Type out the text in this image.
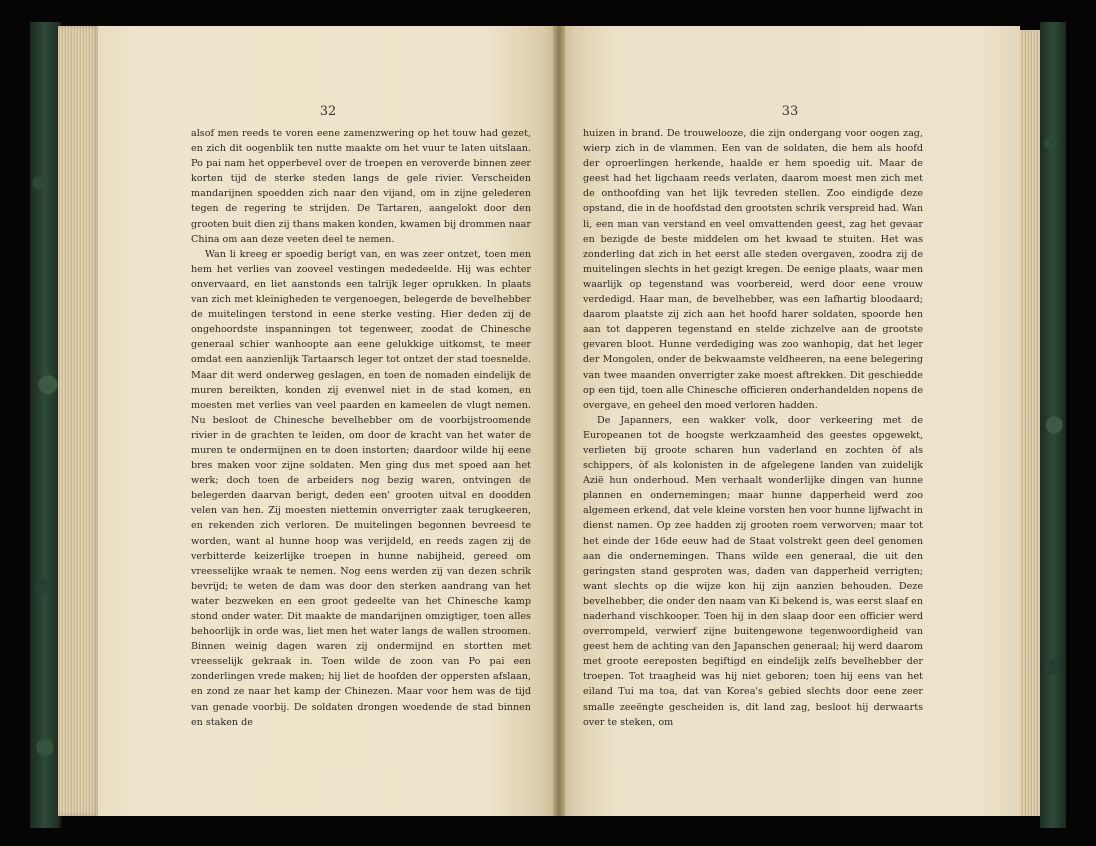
32

alsof men reeds te voren eene zamenzwering op het touw had gezet, en zich dit oogenblik ten nutte maakte om het vuur te laten uitslaan. Po pai nam het opperbevel over de troepen en veroverde binnen zeer korten tijd de sterke steden langs de gele rivier. Verscheiden mandarijnen spoedden zich naar den vijand, om in zijne gelederen tegen de regering te strijden. De Tartaren, aangelokt door den grooten buit dien zij thans maken konden, kwamen bij drommen naar China om aan deze veeten deel te nemen.

Wan li kreeg er spoedig berigt van, en was zeer ontzet, toen men hem het verlies van zooveel vestingen mededeelde. Hij was echter onvervaard, en liet aanstonds een talrijk leger oprukken. In plaats van zich met kleinigheden te vergenoegen, belegerde de bevelhebber de muitelingen terstond in eene sterke vesting. Hier deden zij de ongehoordste inspanningen tot tegenweer, zoodat de Chinesche generaal schier wanhoopte aan eene gelukkige uitkomst, te meer omdat een aanzienlijk Tartaarsch leger tot ontzet der stad toesnelde. Maar dit werd onderweg geslagen, en toen de nomaden eindelijk de muren bereikten, konden zij evenwel niet in de stad komen, en moesten met verlies van veel paarden en kameelen de vlugt nemen. Nu besloot de Chinesche bevelhebber om de voorbijstroomende rivier in de grachten te leiden, om door de kracht van het water de muren te ondermijnen en te doen instorten; daardoor wilde hij eene bres maken voor zijne soldaten. Men ging dus met spoed aan het werk; doch toen de arbeiders nog bezig waren, ontvingen de belegerden daarvan berigt, deden een' grooten uitval en doodden velen van hen. Zij moesten niettemin onverrigter zaak terugkeeren, en rekenden zich verloren. De muitelingen begonnen bevreesd te worden, want al hunne hoop was verijdeld, en reeds zagen zij de verbitterde keizerlijke troepen in hunne nabijheid, gereed om vreesselijke wraak te nemen. Nog eens werden zij van dezen schrik bevrijd; te weten de dam was door den sterken aandrang van het water bezweken en een groot gedeelte van het Chinesche kamp stond onder water. Dit maakte de mandarijnen omzigtiger, toen alles behoorlijk in orde was, liet men het water langs de wallen stroomen. Binnen weinig dagen waren zij ondermijnd en stortten met vreesselijk gekraak in. Toen wilde de zoon van Po pai een zonderlingen vrede maken; hij liet de hoofden der oppersten afslaan, en zond ze naar het kamp der Chinezen. Maar voor hem was de tijd van genade voorbij. De soldaten drongen woedende de stad binnen en staken de

33

huizen in brand. De trouwelooze, die zijn ondergang voor oogen zag, wierp zich in de vlammen. Een van de soldaten, die hem als hoofd der oproerlingen herkende, haalde er hem spoedig uit. Maar de geest had het ligchaam reeds verlaten, daarom moest men zich met de onthoofding van het lijk tevreden stellen. Zoo eindigde deze opstand, die in de hoofdstad den grootsten schrik verspreid had. Wan li, een man van verstand en veel omvattenden geest, zag het gevaar en bezigde de beste middelen om het kwaad te stuiten. Het was zonderling dat zich in het eerst alle steden overgaven, zoodra zij de muitelingen slechts in het gezigt kregen. De eenige plaats, waar men waarlijk op tegenstand was voorbereid, werd door eene vrouw verdedigd. Haar man, de bevelhebber, was een lafhartig bloodaard; daarom plaatste zij zich aan het hoofd harer soldaten, spoorde hen aan tot dapperen tegenstand en stelde zichzelve aan de grootste gevaren bloot. Hunne verdediging was zoo wanhopig, dat het leger der Mongolen, onder de bekwaamste veldheeren, na eene belegering van twee maanden onverrigter zake moest aftrekken. Dit geschiedde op een tijd, toen alle Chinesche officieren onderhandelden nopens de overgave, en geheel den moed verloren hadden.

De Japanners, een wakker volk, door verkeering met de Europeanen tot de hoogste werkzaamheid des geestes opgewekt, verlieten bij groote scharen hun vaderland en zochten òf als schippers, òf als kolonisten in de afgelegene landen van zuidelijk Azië hun onderhoud. Men verhaalt wonderlijke dingen van hunne plannen en ondernemingen; maar hunne dapperheid werd zoo algemeen erkend, dat vele kleine vorsten hen voor hunne lijfwacht in dienst namen. Op zee hadden zij grooten roem verworven; maar tot het einde der 16de eeuw had de Staat volstrekt geen deel genomen aan die ondernemingen. Thans wilde een generaal, die uit den geringsten stand gesproten was, daden van dapperheid verrigten; want slechts op die wijze kon hij zijn aanzien behouden. Deze bevelhebber, die onder den naam van Ki bekend is, was eerst slaaf en naderhand vischkooper. Toen hij in den slaap door een officier werd overrompeld, verwierf zijne buitengewone tegenwoordigheid van geest hem de achting van den Japanschen generaal; hij werd daarom met groote eereposten begiftigd en eindelijk zelfs bevelhebber der troepen. Tot traagheid was hij niet geboren; toen hij eens van het eiland Tui ma toa, dat van Korea's gebied slechts door eene zeer smalle zeeëngte gescheiden is, dit land zag, besloot hij derwaarts over te steken, om
